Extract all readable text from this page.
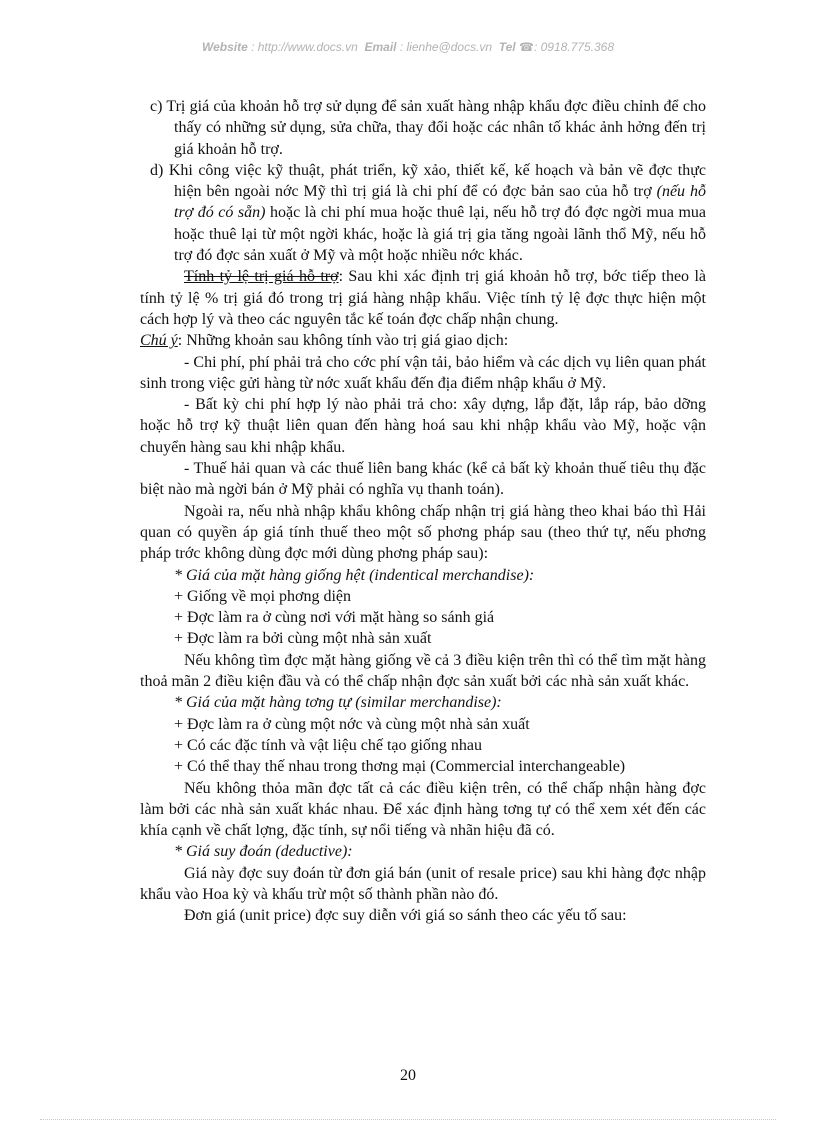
Website : http://www.docs.vn Email : lienhe@docs.vn Tel ☎: 0918.775.368

c) Trị giá của khoản hỗ trợ sử dụng để sản xuất hàng nhập khẩu đợc điều chỉnh để cho thấy có những sử dụng, sửa chữa, thay đổi hoặc các nhân tố khác ảnh hởng đến trị giá khoản hỗ trợ.

d) Khi công việc kỹ thuật, phát triển, kỹ xảo, thiết kế, kế hoạch và bản vẽ đợc thực hiện bên ngoài nớc Mỹ thì trị giá là chi phí để có đợc bản sao của hỗ trợ (nếu hỗ trợ đó có sẵn) hoặc là chi phí mua hoặc thuê lại, nếu hỗ trợ đó đợc ngời mua mua hoặc thuê lại từ một ngời khác, hoặc là giá trị gia tăng ngoài lãnh thổ Mỹ, nếu hỗ trợ đó đợc sản xuất ở Mỹ và một hoặc nhiều nớc khác.

Tính tỷ lệ trị giá hỗ trợ: Sau khi xác định trị giá khoản hỗ trợ, bớc tiếp theo là tính tỷ lệ % trị giá đó trong trị giá hàng nhập khẩu. Việc tính tỷ lệ đợc thực hiện một cách hợp lý và theo các nguyên tắc kế toán đợc chấp nhận chung.

Chú ý: Những khoản sau không tính vào trị giá giao dịch:

- Chi phí, phí phải trả cho cớc phí vận tải, bảo hiểm và các dịch vụ liên quan phát sinh trong việc gửi hàng từ nớc xuất khẩu đến địa điểm nhập khẩu ở Mỹ.

- Bất kỳ chi phí hợp lý nào phải trả cho: xây dựng, lắp đặt, lắp ráp, bảo dỡng hoặc hỗ trợ kỹ thuật liên quan đến hàng hoá sau khi nhập khẩu vào Mỹ, hoặc vận chuyển hàng sau khi nhập khẩu.

- Thuế hải quan và các thuế liên bang khác (kể cả bất kỳ khoản thuế tiêu thụ đặc biệt nào mà ngời bán ở Mỹ phải có nghĩa vụ thanh toán).

Ngoài ra, nếu nhà nhập khẩu không chấp nhận trị giá hàng theo khai báo thì Hải quan có quyền áp giá tính thuế theo một số phơng pháp sau (theo thứ tự, nếu phơng pháp trớc không dùng đợc mới dùng phơng pháp sau):

* Giá của mặt hàng giống hệt (indentical merchandise):

+ Giống về mọi phơng diện

+ Đợc làm ra ở cùng nơi với mặt hàng so sánh giá

+ Đợc làm ra bởi cùng một nhà sản xuất

Nếu không tìm đợc mặt hàng giống về cả 3 điều kiện trên thì có thể tìm mặt hàng thoả mãn 2 điều kiện đầu và có thể chấp nhận đợc sản xuất bởi các nhà sản xuất khác.

* Giá của mặt hàng tơng tự (similar merchandise):

+ Đợc làm ra ở cùng một nớc và cùng một nhà sản xuất

+ Có các đặc tính và vật liệu chế tạo giống nhau

+ Có thể thay thế nhau trong thơng mại (Commercial interchangeable)

Nếu không thỏa mãn đợc tất cả các điều kiện trên, có thể chấp nhận hàng đợc làm bởi các nhà sản xuất khác nhau. Để xác định hàng tơng tự có thể xem xét đến các khía cạnh về chất lợng, đặc tính, sự nổi tiếng và nhãn hiệu đã có.

* Giá suy đoán (deductive):

Giá này đợc suy đoán từ đơn giá bán (unit of resale price) sau khi hàng đợc nhập khẩu vào Hoa kỳ và khấu trừ một số thành phần nào đó.

Đơn giá (unit price) đợc suy diễn với giá so sánh theo các yếu tố sau:

20
